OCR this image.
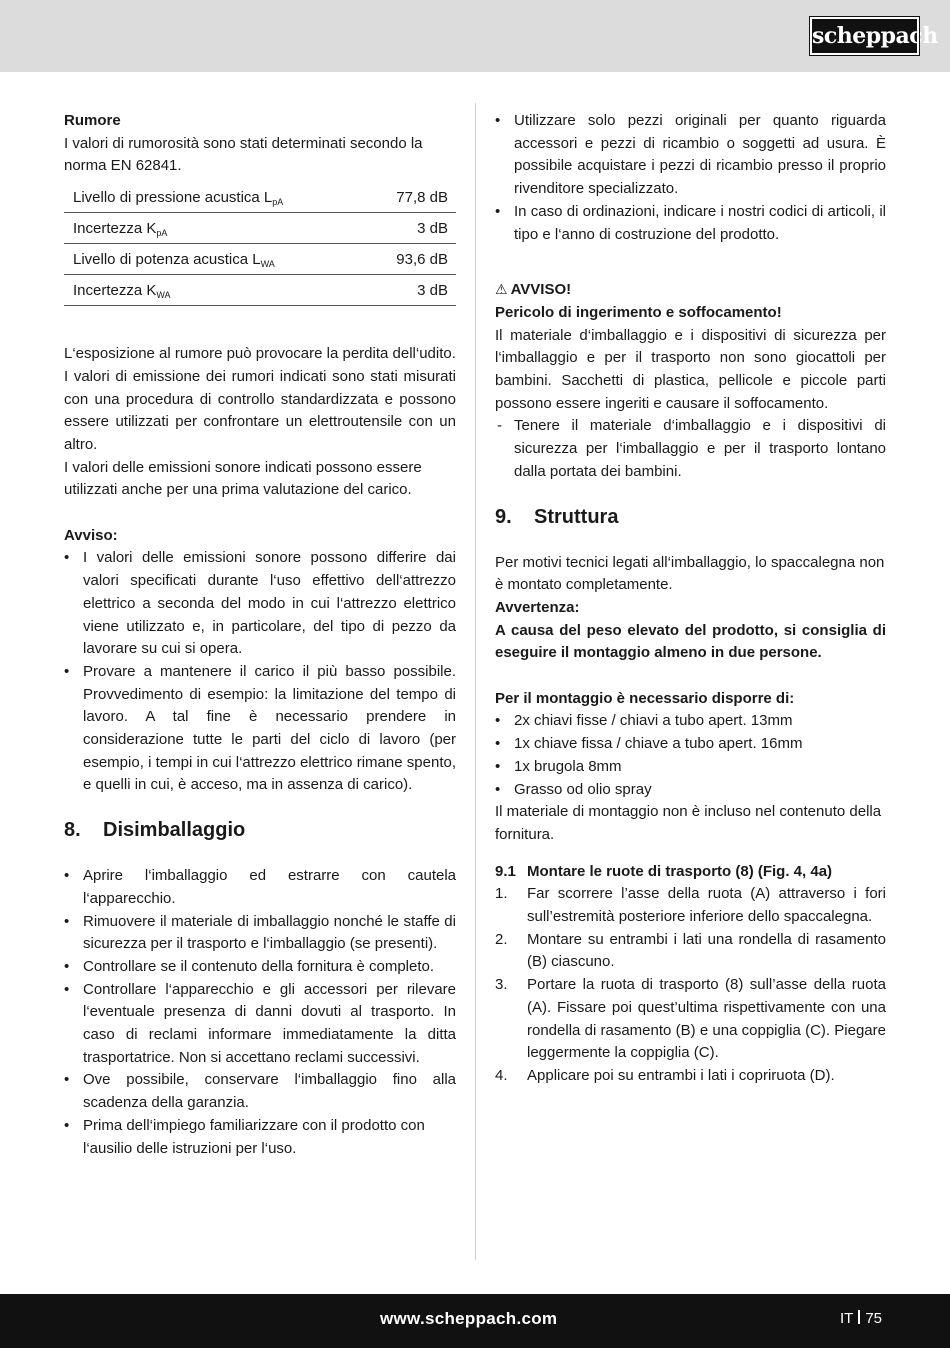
scheppach

Rumore

I valori di rumorosità sono stati determinati secondo la norma EN 62841.

Livello di pressione acustica $L_{pA}$	77,8 dB
Incertezza $K_{pA}$	3 dB
Livello di potenza acustica $L_{WA}$	93,6 dB
Incertezza $K_{WA}$	3 dB

L‘esposizione al rumore può provocare la perdita dell‘udito.

I valori di emissione dei rumori indicati sono stati misurati con una procedura di controllo standardizzata e possono essere utilizzati per confrontare un elettroutensile con un altro.

I valori delle emissioni sonore indicati possono essere utilizzati anche per una prima valutazione del carico.

Avviso:

• I valori delle emissioni sonore possono differire dai valori specificati durante l‘uso effettivo dell‘attrezzo elettrico a seconda del modo in cui l‘attrezzo elettrico viene utilizzato e, in particolare, del tipo di pezzo da lavorare su cui si opera.
• Provare a mantenere il carico il più basso possibile. Provvedimento di esempio: la limitazione del tempo di lavoro. A tal fine è necessario prendere in considerazione tutte le parti del ciclo di lavoro (per esempio, i tempi in cui l‘attrezzo elettrico rimane spento, e quelli in cui, è acceso, ma in assenza di carico).
8. Disimballaggio
• Aprire l‘imballaggio ed estrarre con cautela l‘apparecchio.
• Rimuovere il materiale di imballaggio nonché le staffe di sicurezza per il trasporto e l‘imballaggio (se presenti).
• Controllare se il contenuto della fornitura è completo.
• Controllare l‘apparecchio e gli accessori per rilevare l‘eventuale presenza di danni dovuti al trasporto. In caso di reclami informare immediatamente la ditta trasportatrice. Non si accettano reclami successivi.
• Ove possibile, conservare l‘imballaggio fino alla scadenza della garanzia.
• Prima dell‘impiego familiarizzare con il prodotto con l‘ausilio delle istruzioni per l‘uso.
• Utilizzare solo pezzi originali per quanto riguarda accessori e pezzi di ricambio o soggetti ad usura. È possibile acquistare i pezzi di ricambio presso il proprio rivenditore specializzato.
• In caso di ordinazioni, indicare i nostri codici di articoli, il tipo e l‘anno di costruzione del prodotto.

⚠ AVVISO!

Pericolo di ingerimento e soffocamento!

Il materiale d‘imballaggio e i dispositivi di sicurezza per l‘imballaggio e per il trasporto non sono giocattoli per bambini. Sacchetti di plastica, pellicole e piccole parti possono essere ingeriti e causare il soffocamento.

- Tenere il materiale d‘imballaggio e i dispositivi di sicurezza per l‘imballaggio e per il trasporto lontano dalla portata dei bambini.
9. Struttura

Per motivi tecnici legati all‘imballaggio, lo spaccalegna non è montato completamente.

Avvertenza:

A causa del peso elevato del prodotto, si consiglia di eseguire il montaggio almeno in due persone.

Per il montaggio è necessario disporre di:

• 2x chiavi fisse / chiavi a tubo apert. 13mm
• 1x chiave fissa / chiave a tubo apert. 16mm
• 1x brugola 8mm
• Grasso od olio spray

Il materiale di montaggio non è incluso nel contenuto della fornitura.

9.1 Montare le ruote di trasporto (8) (Fig. 4, 4a)

1. Far scorrere l’asse della ruota (A) attraverso i fori sull’estremità posteriore inferiore dello spaccalegna.
2. Montare su entrambi i lati una rondella di rasamento (B) ciascuno.
3. Portare la ruota di trasporto (8) sull’asse della ruota (A). Fissare poi quest’ultima rispettivamente con una rondella di rasamento (B) e una coppiglia (C). Piegare leggermente la coppiglia (C).
4. Applicare poi su entrambi i lati i copriruota (D).
www.scheppach.com	IT 75
